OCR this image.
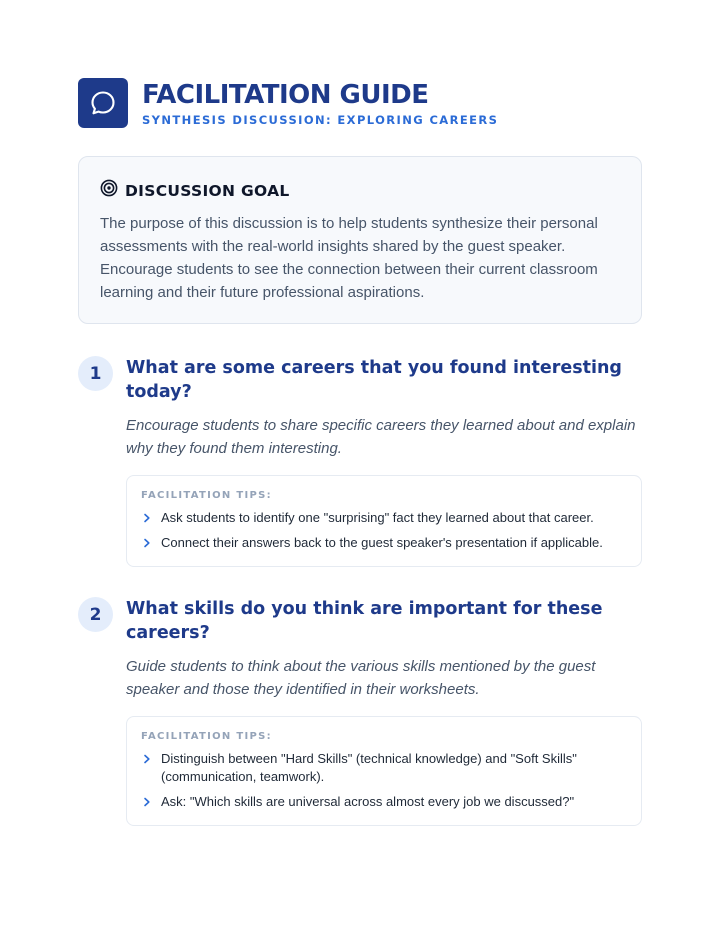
FACILITATION GUIDE
SYNTHESIS DISCUSSION: EXPLORING CAREERS
DISCUSSION GOAL
The purpose of this discussion is to help students synthesize their personal assessments with the real-world insights shared by the guest speaker. Encourage students to see the connection between their current classroom learning and their future professional aspirations.
1	What are some careers that you found interesting today?
Encourage students to share specific careers they learned about and explain why they found them interesting.
FACILITATION TIPS:
Ask students to identify one "surprising" fact they learned about that career.
Connect their answers back to the guest speaker's presentation if applicable.
2	What skills do you think are important for these careers?
Guide students to think about the various skills mentioned by the guest speaker and those they identified in their worksheets.
FACILITATION TIPS:
Distinguish between "Hard Skills" (technical knowledge) and "Soft Skills" (communication, teamwork).
Ask: "Which skills are universal across almost every job we discussed?"
